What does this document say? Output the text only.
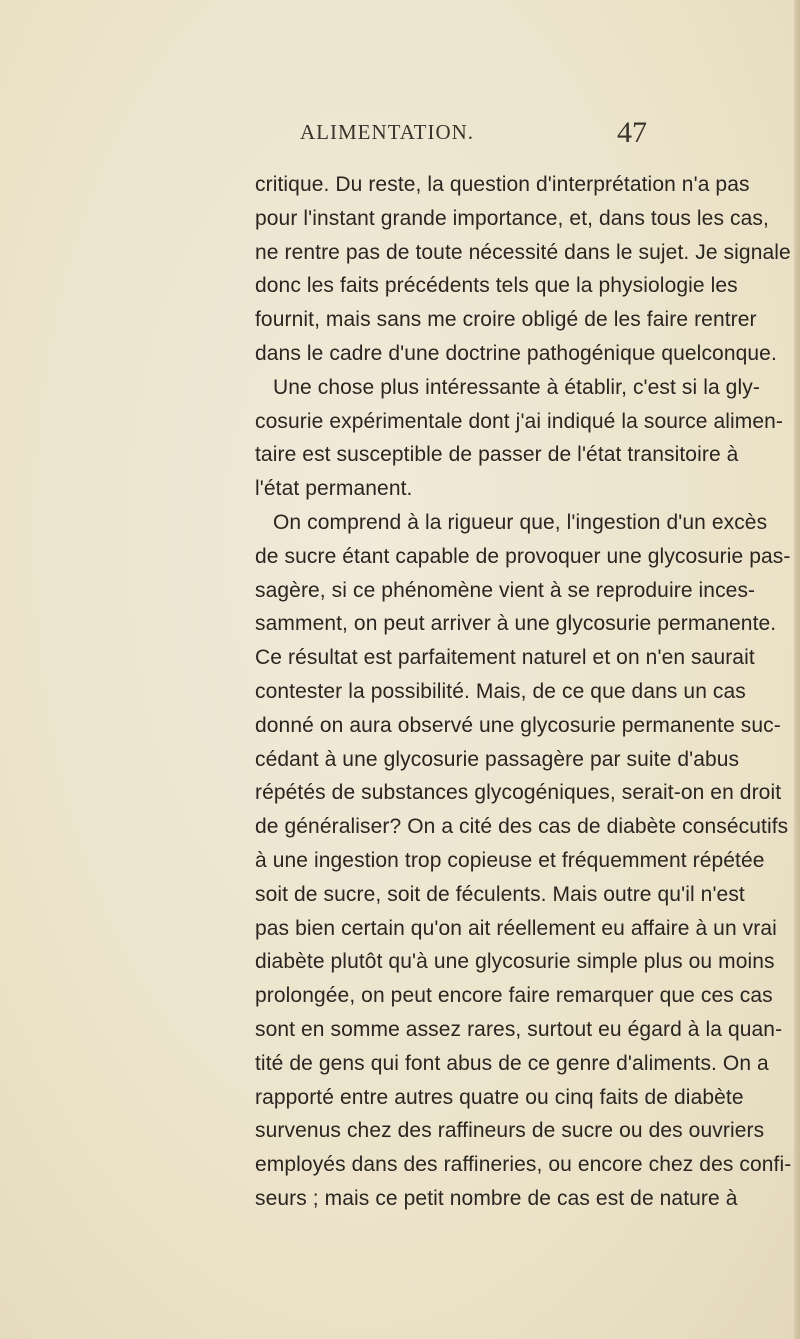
ALIMENTATION.	47
critique. Du reste, la question d'interprétation n'a pas
pour l'instant grande importance, et, dans tous les cas,
ne rentre pas de toute nécessité dans le sujet. Je signale
donc les faits précédents tels que la physiologie les
fournit, mais sans me croire obligé de les faire rentrer
dans le cadre d'une doctrine pathogénique quelconque.
Une chose plus intéressante à établir, c'est si la gly-
cosurie expérimentale dont j'ai indiqué la source alimen-
taire est susceptible de passer de l'état transitoire à
l'état permanent.
On comprend à la rigueur que, l'ingestion d'un excès
de sucre étant capable de provoquer une glycosurie pas-
sagère, si ce phénomène vient à se reproduire inces-
samment, on peut arriver à une glycosurie permanente.
Ce résultat est parfaitement naturel et on n'en saurait
contester la possibilité. Mais, de ce que dans un cas
donné on aura observé une glycosurie permanente suc-
cédant à une glycosurie passagère par suite d'abus
répétés de substances glycogéniques, serait-on en droit
de généraliser? On a cité des cas de diabète consécutifs
à une ingestion trop copieuse et fréquemment répétée
soit de sucre, soit de féculents. Mais outre qu'il n'est
pas bien certain qu'on ait réellement eu affaire à un vrai
diabète plutôt qu'à une glycosurie simple plus ou moins
prolongée, on peut encore faire remarquer que ces cas
sont en somme assez rares, surtout eu égard à la quan-
tité de gens qui font abus de ce genre d'aliments. On a
rapporté entre autres quatre ou cinq faits de diabète
survenus chez des raffineurs de sucre ou des ouvriers
employés dans des raffineries, ou encore chez des confi-
seurs ; mais ce petit nombre de cas est de nature à
